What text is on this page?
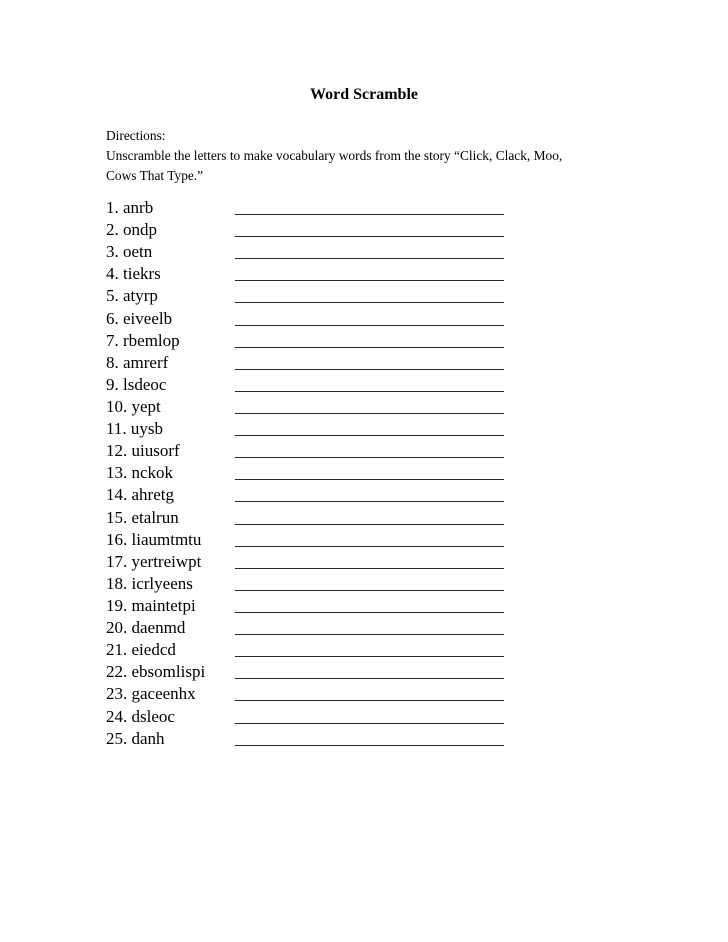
Word Scramble
Directions:
Unscramble the letters to make vocabulary words from the story “Click, Clack, Moo,
Cows That Type.”
1. anrb	________________________________
2. ondp	________________________________
3. oetn	________________________________
4. tiekrs	________________________________
5. atyrp	________________________________
6. eiveelb	________________________________
7. rbemlop	________________________________
8. amrerf	________________________________
9. lsdeoc	________________________________
10. yept	________________________________
11. uysb	________________________________
12. uiusorf	________________________________
13. nckok	________________________________
14. ahretg	________________________________
15. etalrun	________________________________
16. liaumtmtu ________________________________
17. yertreiwpt ________________________________
18. icrlyeens ________________________________
19. maintetpi ________________________________
20. daenmd	________________________________
21. eiedcd	________________________________
22. ebsomlispi ________________________________
23. gaceenhx ________________________________
24. dsleoc	________________________________
25. danh	________________________________
